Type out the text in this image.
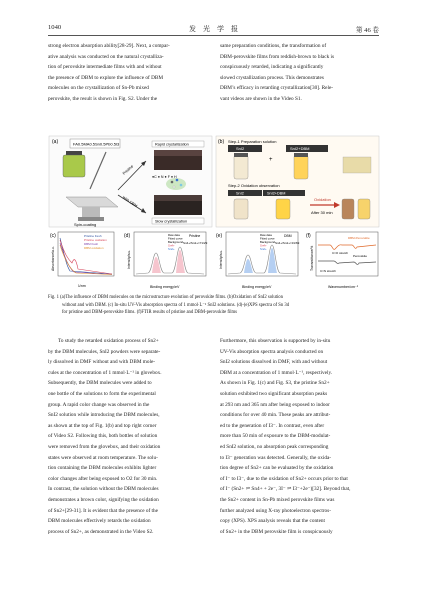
1040	发　光　学　报	第 46 卷

strong electron absorption ability[28-29]. Next, a compar-

ative analysis was conducted on the natural crystalliza-

tion of perovskite intermediate films with and without

the presence of DBM to explore the influence of DBM

molecules on the crystallization of Sn-Pb mixed

perovskite, the result is shown in Fig. S2. Under the

same preparation conditions, the transformation of

DBM-perovskite films from reddish-brown to black is

conspicuously retarded, indicating a significantly

slowed crystallization process. This demonstrates

DBM’s efficacy in retarding crystallization[30]. Rele-

vant videos are shown in the Video S1.

(a)	FA0.5MA0.5Sn0.5Pb0.5I3
Spin-coating
Pristine
With DBM
Rapid crystallization
●C ● N ● F ● H
Slow crystallization
(b) Step-1 Preparation solution
SnI2	SnI2+DBM
+
Step-2 Oxidation observation
SnI2	SnI2+DBM
Oxidation
After 30 min
(c)
Absorbance/a.u.
λ/nm
Pristine fresh
Pristine oxidation
DBM fresh
DBM oxidation
(d)
Intensity/a.u.
Binding energy/eV
Raw data
Fitted curve
Background
Sn4+
Sn2+
Pristine
Sn4+/Sn2+=71/29
(e)
Intensity/a.u.
Binding energy/eV
Raw data
Fitted curve
Background
Sn4+
Sn2+
DBM
Sn4+/Sn2+=31/69
(f)
Transmittance/%
Wavenumber/cm⁻¹
DBM-Perovskite
Perovskite
C=O stretch
C=N stretch
Fig. 1 (a)The influence of DBM molecules on the microstructure evolution of perovskite films. (b)Oxidation of SnI2 solution
without and with DBM. (c) In-situ UV-Vis absorption spectra of 1 mmol·L⁻¹ SnI2 solutions. (d)-(e)XPS spectra of Sn 3d
for pristine and DBM-perovskite films. (f)FTIR results of pristine and DBM-perovskite films

To study the retarded oxidation process of Sn2+

by the DBM molecules, SnI2 powders were separate-

ly dissolved in DMF without and with DBM mole-

cules at the concentration of 1 mmol·L⁻¹ in glovebox.

Subsequently, the DBM molecules were added to

one bottle of the solutions to form the experimental

group. A rapid color change was observed in the

SnI2 solution while introducing the DBM molecules,

as shown at the top of Fig. 1(b) and top right corner

of Video S2. Following this, both bottles of solution

were removed from the glovebox, and their oxidation

states were observed at room temperature. The solu-

tion containing the DBM molecules exhibits lighter

color changes after being exposed to O2 for 30 min.

In contrast, the solution without the DBM molecules

demonstrates a brown color, signifying the oxidation

of Sn2+[29-31]. It is evident that the presence of the

DBM molecules effectively retards the oxidation

process of Sn2+, as demonstrated in the Video S2.

Furthermore, this observation is supported by in-situ

UV-Vis absorption spectra analysis conducted on

SnI2 solutions dissolved in DMF, with and without

DBM at a concentration of 1 mmol·L⁻¹, respectively.

As shown in Fig. 1(c) and Fig. S3, the pristine Sn2+

solution exhibited two significant absorption peaks

at 293 nm and 365 nm after being exposed to indoor

conditions for over 40 min. These peaks are attribut-

ed to the generation of I3⁻. In contrast, even after

more than 50 min of exposure to the DBM-modulat-

ed SnI2 solution, no absorption peak corresponding

to I3⁻ generation was detected. Generally, the oxida-

tion degree of Sn2+ can be evaluated by the oxidation

of I⁻ to I3⁻, due to the oxidation of Sn2+ occurs prior to that

of I⁻ (Sn2+ ⇌ Sn4+ + 2e⁻, 3I⁻ ⇌ I3⁻+2e⁻)[32]. Beyond that,

the Sn2+ content in Sn-Pb mixed perovskite films was

further analyzed using X-ray photoelectron spectros-

copy (XPS). XPS analysis reveals that the content

of Sn2+ in the DBM perovskite film is conspicuously
